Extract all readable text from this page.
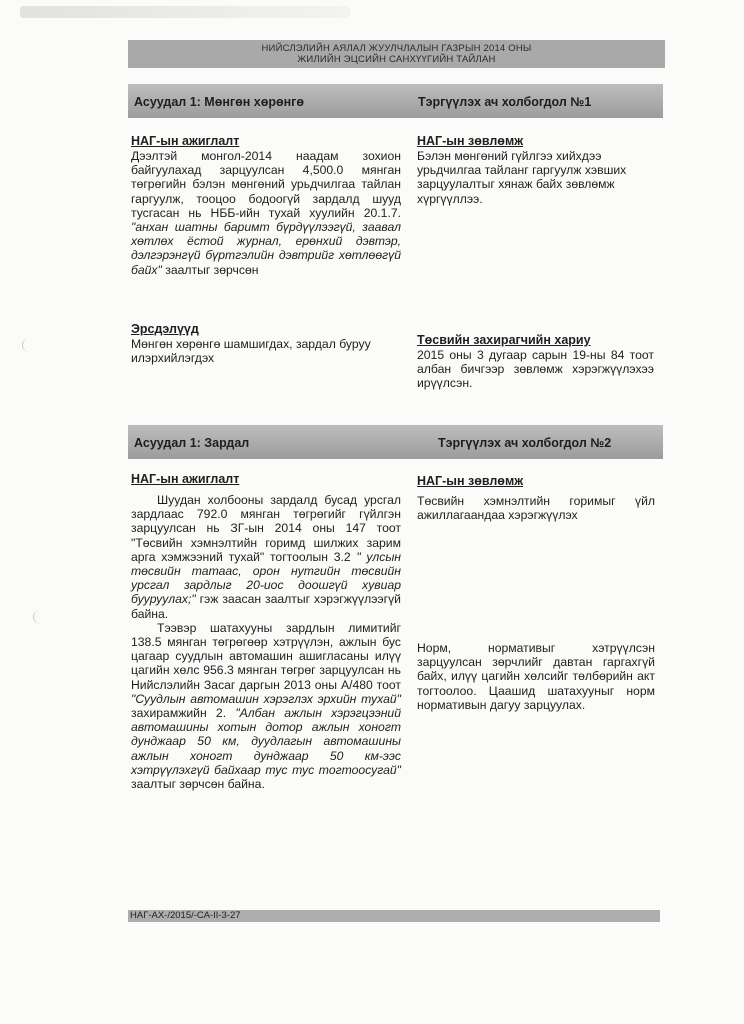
НИЙСЛЭЛИЙН АЯЛАЛ ЖУУЛЧЛАЛЫН ГАЗРЫН 2014 ОНЫ
ЖИЛИЙН ЭЦСИЙН САНХҮҮГИЙН ТАЙЛАН
Асуудал 1: Мөнгөн хөрөнгө	Тэргүүлэх ач холбогдол №1

НАГ-ын ажиглалт

Дээлтэй монгол-2014 наадам зохион байгуулахад зарцуулсан 4,500.0 мянган төгрөгийн бэлэн мөнгөний урьдчилгаа тайлан гаргуулж, тооцоо бодоогүй зардалд шууд тусгасан нь НББ-ийн тухай хуулийн 20.1.7. "анхан шатны баримт бүрдүүлээгүй, заавал хөтлөх ёстой журнал, ерөнхий дэвтэр, дэлгэрэнгүй бүртгэлийн дэвтрийг хөтлөөгүй байх" заалтыг зөрчсөн

Эрсдэлүүд

Мөнгөн хөрөнгө шамшигдах, зардал буруу илэрхийлэгдэх

НАГ-ын зөвлөмж

Бэлэн мөнгөний гүйлгээ хийхдээ урьдчилгаа тайланг гаргуулж хэвших зарцуулалтыг хянаж байх зөвлөмж хүргүүллээ.

Төсвийн захирагчийн хариу

2015 оны 3 дугаар сарын 19-ны 84 тоот албан бичгээр зөвлөмж хэрэгжүүлэхээ ирүүлсэн.

Асуудал 1: Зардал	Тэргүүлэх ач холбогдол №2

НАГ-ын ажиглалт

Шуудан холбооны зардалд бусад урсгал зардлаас 792.0 мянган төгрөгийг гүйлгэн зарцуулсан нь ЗГ-ын 2014 оны 147 тоот "Төсвийн хэмнэлтийн горимд шилжих зарим арга хэмжээний тухай" тогтоолын 3.2 " улсын төсвийн татаас, орон нутгийн төсвийн урсгал зардлыг 20-иос доошгүй хувиар бууруулах;" гэж заасан заалтыг хэрэгжүүлээгүй байна.

Тээвэр шатахууны зардлын лимитийг 138.5 мянган төгрөгөөр хэтрүүлэн, ажлын бус цагаар суудлын автомашин ашигласаны илүү цагийн хөлс 956.3 мянган төгрөг зарцуулсан нь Нийслэлийн Засаг даргын 2013 оны А/480 тоот "Суудлын автомашин хэрэглэх эрхийн тухай" захирамжийн 2. "Албан ажлын хэрэгцээний автомашины хотын дотор ажлын хоногт дунджаар 50 км, дуудлагын автомашины ажлын хоногт дунджаар 50 км-ээс хэтрүүлэхгүй байхаар тус тус тогтоосугай" заалтыг зөрчсөн байна.

НАГ-ын зөвлөмж

Төсвийн хэмнэлтийн горимыг үйл ажиллагаандаа хэрэгжүүлэх

Норм, нормативыг хэтрүүлсэн зарцуулсан зөрчлийг давтан гаргахгүй байх, илүү цагийн хөлсийг төлбөрийн акт тогтоолоо. Цаашид шатахууныг норм нормативын дагуу зарцуулах.

НАГ-АХ-/2015/-СА-II-3-27
